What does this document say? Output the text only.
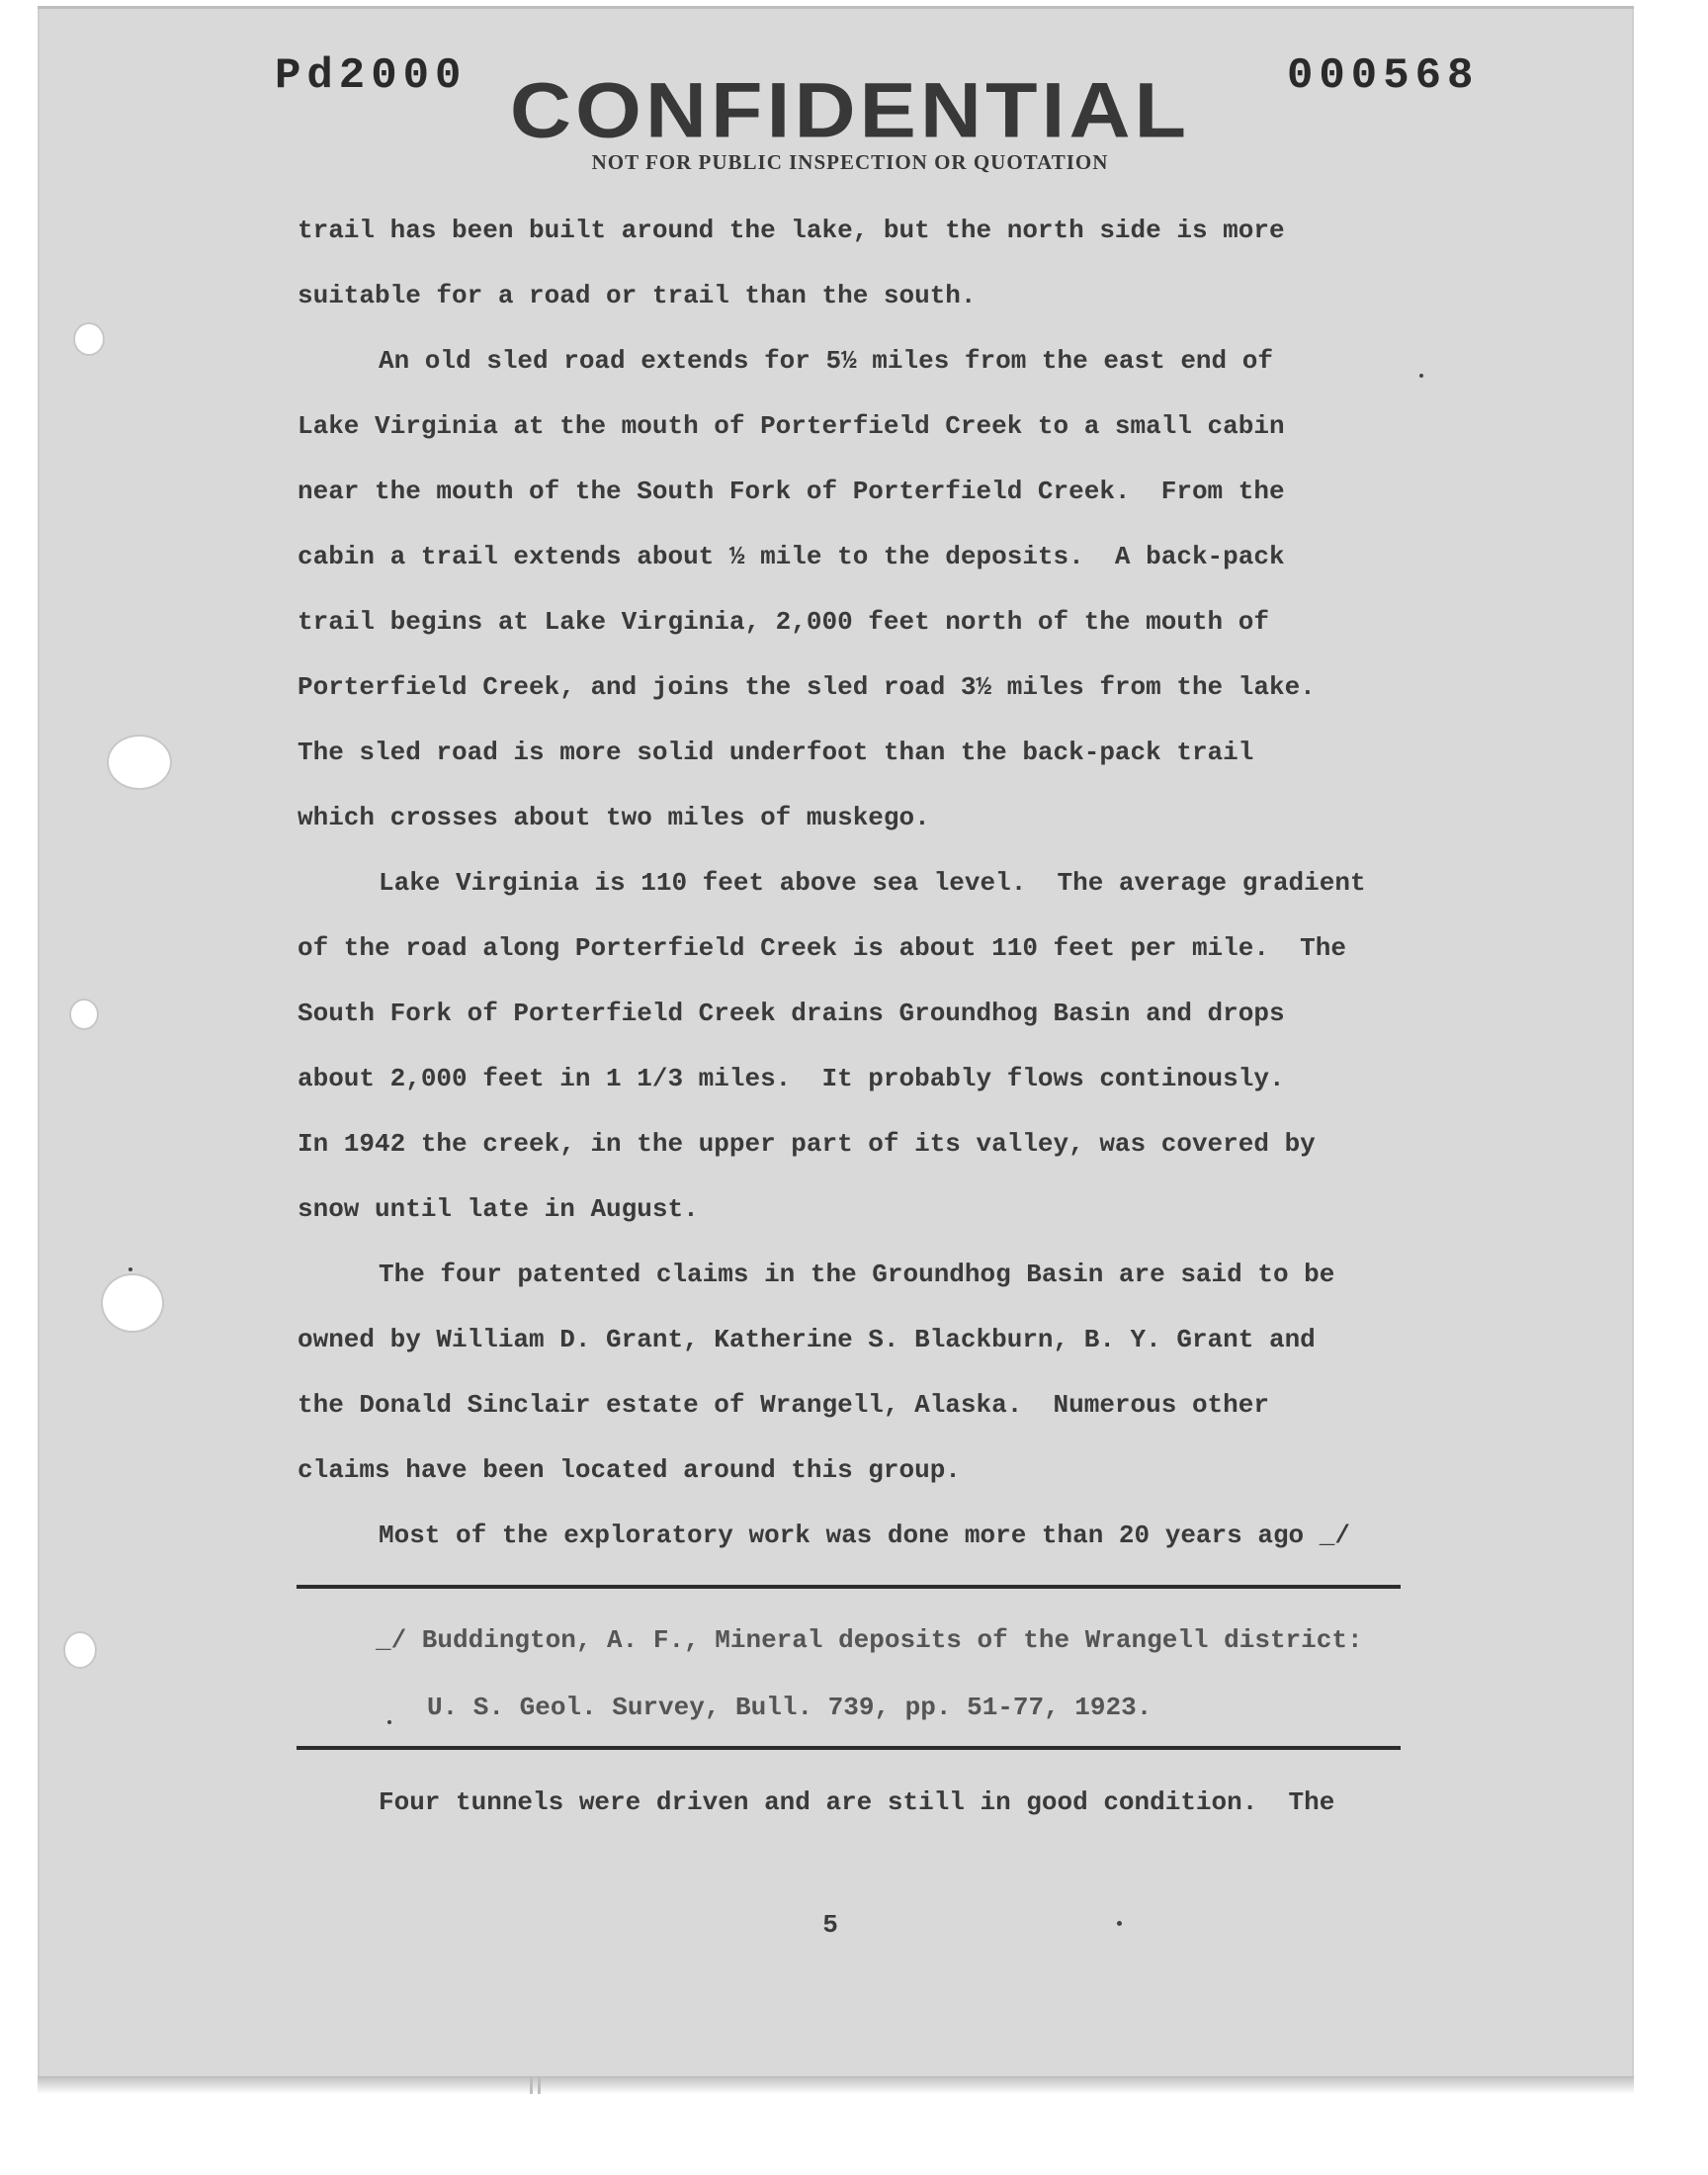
Pd2000	000568
CONFIDENTIAL
NOT FOR PUBLIC INSPECTION OR QUOTATION
trail has been built around the lake, but the north side is more
suitable for a road or trail than the south.
An old sled road extends for 5½ miles from the east end of
Lake Virginia at the mouth of Porterfield Creek to a small cabin
near the mouth of the South Fork of Porterfield Creek.  From the
cabin a trail extends about ½ mile to the deposits.  A back-pack
trail begins at Lake Virginia, 2,000 feet north of the mouth of
Porterfield Creek, and joins the sled road 3½ miles from the lake.
The sled road is more solid underfoot than the back-pack trail
which crosses about two miles of muskego.
Lake Virginia is 110 feet above sea level.  The average gradient
of the road along Porterfield Creek is about 110 feet per mile.  The
South Fork of Porterfield Creek drains Groundhog Basin and drops
about 2,000 feet in 1 1/3 miles.  It probably flows continously.
In 1942 the creek, in the upper part of its valley, was covered by
snow until late in August.
The four patented claims in the Groundhog Basin are said to be
owned by William D. Grant, Katherine S. Blackburn, B. Y. Grant and
the Donald Sinclair estate of Wrangell, Alaska.  Numerous other
claims have been located around this group.
Most of the exploratory work was done more than 20 years ago _/
_/ Buddington, A. F., Mineral deposits of the Wrangell district:
U. S. Geol. Survey, Bull. 739, pp. 51-77, 1923.
Four tunnels were driven and are still in good condition.  The
5
